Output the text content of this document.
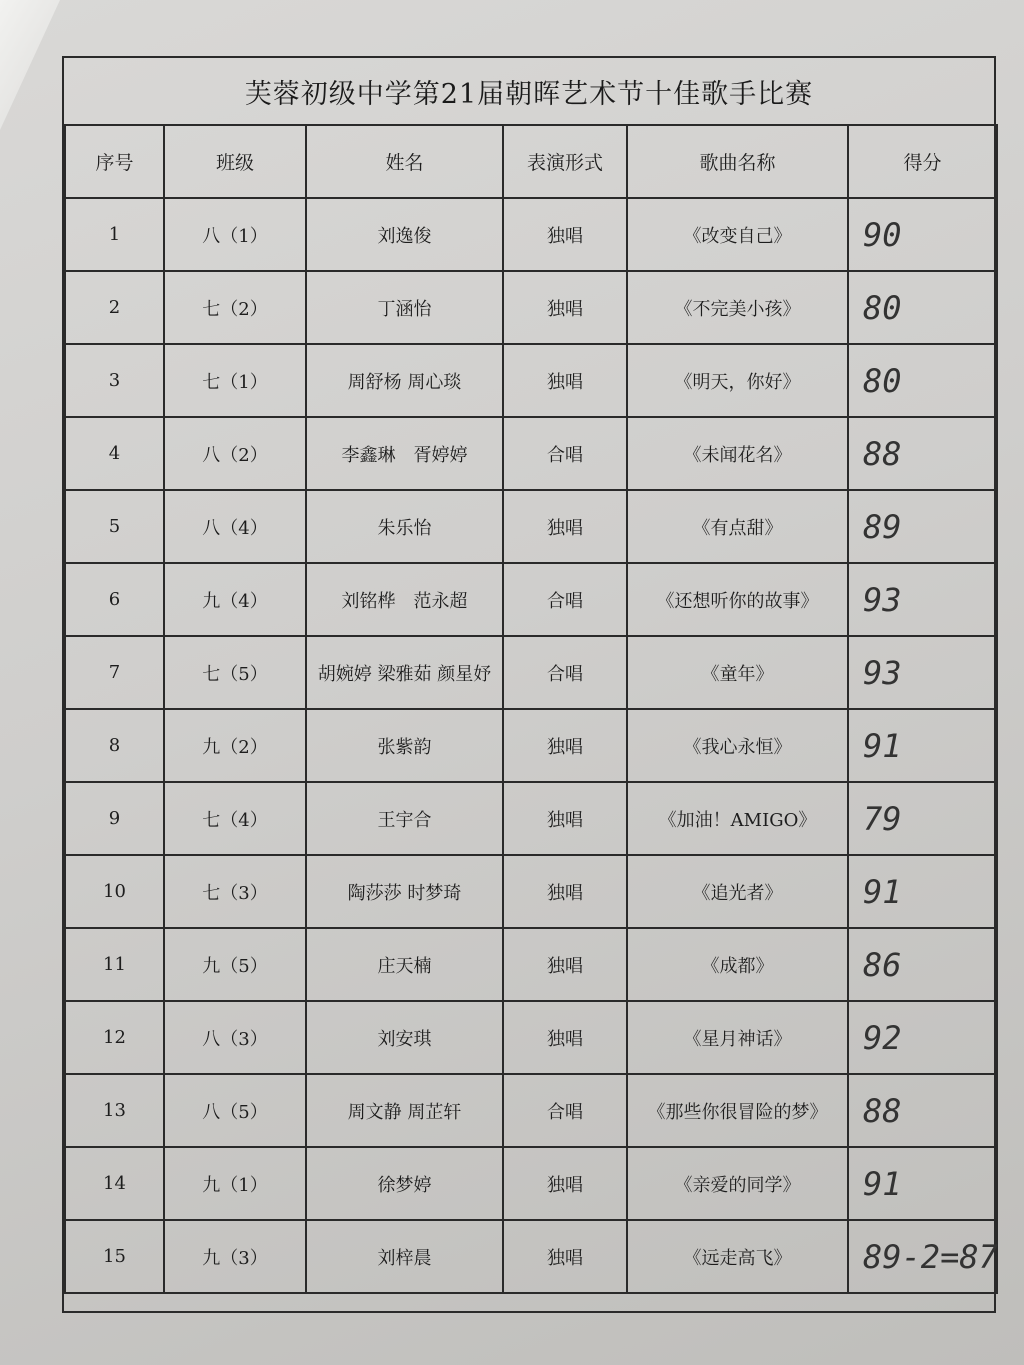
芙蓉初级中学第21届朝晖艺术节十佳歌手比赛
序号	班级	姓名	表演形式	歌曲名称	得分
1	八（1）	刘逸俊	独唱	《改变自己》	90
2	七（2）	丁涵怡	独唱	《不完美小孩》	80
3	七（1）	周舒杨 周心琰	独唱	《明天，你好》	80
4	八（2）	李鑫琳　胥婷婷	合唱	《未闻花名》	88
5	八（4）	朱乐怡	独唱	《有点甜》	89
6	九（4）	刘铭桦　范永超	合唱	《还想听你的故事》	93
7	七（5）	胡婉婷 梁雅茹 颜星妤	合唱	《童年》	93
8	九（2）	张紫韵	独唱	《我心永恒》	91
9	七（4）	王宇合	独唱	《加油！AMIGO》	79
10	七（3）	陶莎莎 时梦琦	独唱	《追光者》	91
11	九（5）	庄天楠	独唱	《成都》	86
12	八（3）	刘安琪	独唱	《星月神话》	92
13	八（5）	周文静 周芷轩	合唱	《那些你很冒险的梦》	88
14	九（1）	徐梦婷	独唱	《亲爱的同学》	91
15	九（3）	刘梓晨	独唱	《远走高飞》	89-2=87
